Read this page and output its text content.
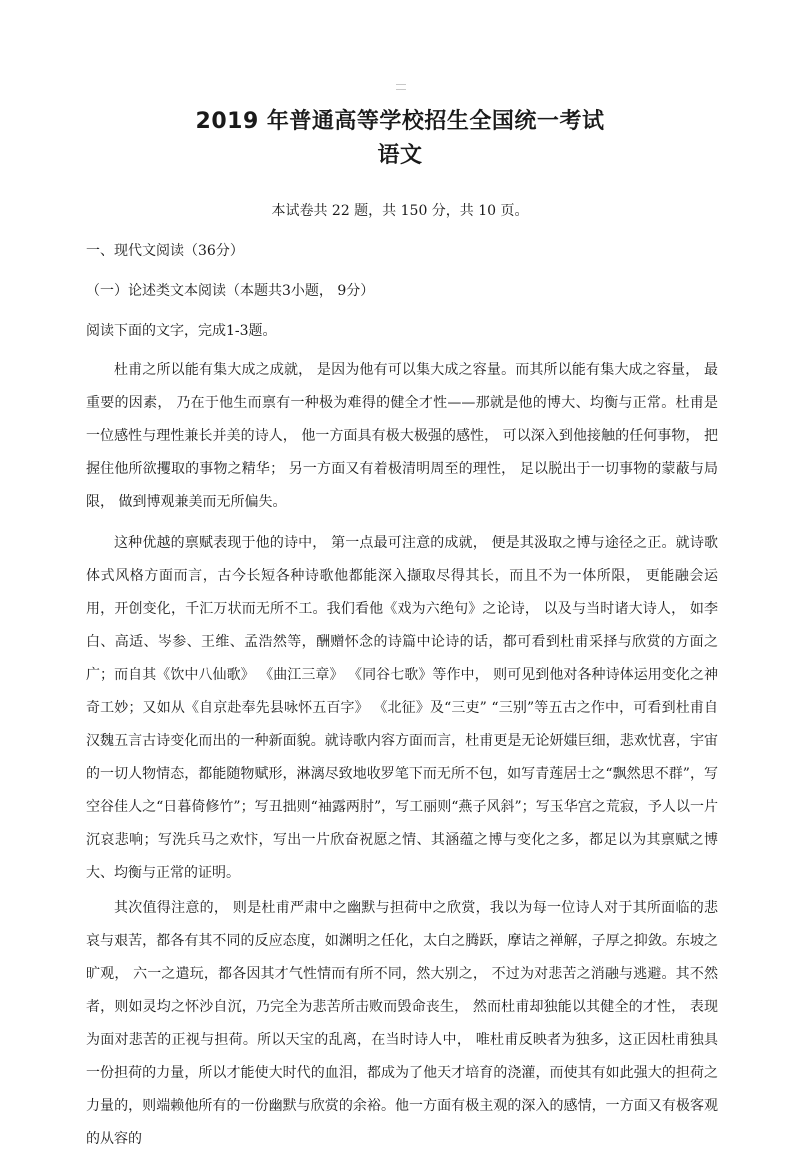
2019 年普通高等学校招生全国统一考试
语文
本试卷共 22 题，共 150 分，共 10 页。
一、现代文阅读（36分）
（一）论述类文本阅读（本题共3小题， 9分）
阅读下面的文字，完成1-3题。

杜甫之所以能有集大成之成就， 是因为他有可以集大成之容量。而其所以能有集大成之容量， 最重要的因素， 乃在于他生而禀有一种极为难得的健全才性——那就是他的博大、均衡与正常。杜甫是一位感性与理性兼长并美的诗人， 他一方面具有极大极强的感性， 可以深入到他接触的任何事物， 把握住他所欲攫取的事物之精华； 另一方面又有着极清明周至的理性， 足以脱出于一切事物的蒙蔽与局限， 做到博观兼美而无所偏失。

这种优越的禀赋表现于他的诗中， 第一点最可注意的成就， 便是其汲取之博与途径之正。就诗歌体式风格方面而言，古今长短各种诗歌他都能深入撷取尽得其长，而且不为一体所限， 更能融会运用，开创变化，千汇万状而无所不工。我们看他《戏为六绝句》之论诗， 以及与当时诸大诗人， 如李白、高适、岑参、王维、孟浩然等，酬赠怀念的诗篇中论诗的话，都可看到杜甫采择与欣赏的方面之广；而自其《饮中八仙歌》 《曲江三章》 《同谷七歌》等作中， 则可见到他对各种诗体运用变化之神奇工妙；又如从《自京赴奉先县咏怀五百字》 《北征》及“三吏” “三别”等五古之作中，可看到杜甫自汉魏五言古诗变化而出的一种新面貌。就诗歌内容方面而言，杜甫更是无论妍媸巨细，悲欢忧喜，宇宙的一切人物情态，都能随物赋形，淋漓尽致地收罗笔下而无所不包，如写青莲居士之“飘然思不群”，写空谷佳人之“日暮倚修竹”；写丑拙则“袖露两肘”，写工丽则“燕子风斜”；写玉华宫之荒寂，予人以一片沉哀悲响；写洗兵马之欢忭，写出一片欣奋祝愿之情、其涵蕴之博与变化之多，都足以为其禀赋之博大、均衡与正常的证明。

其次值得注意的， 则是杜甫严肃中之幽默与担荷中之欣赏，我以为每一位诗人对于其所面临的悲哀与艰苦，都各有其不同的反应态度，如渊明之任化，太白之腾跃，摩诘之禅解，子厚之抑敛。东坡之旷观， 六一之遣玩，都各因其才气性情而有所不同，然大别之， 不过为对悲苦之消融与逃避。其不然者，则如灵均之怀沙自沉，乃完全为悲苦所击败而毁命丧生， 然而杜甫却独能以其健全的才性， 表现为面对悲苦的正视与担荷。所以天宝的乱离，在当时诗人中， 唯杜甫反映者为独多，这正因杜甫独具一份担荷的力量，所以才能使大时代的血泪，都成为了他天才培育的浇灌，而使其有如此强大的担荷之力量的，则端赖他所有的一份幽默与欣赏的余裕。他一方面有极主观的深入的感情，一方面又有极客观的从容的
